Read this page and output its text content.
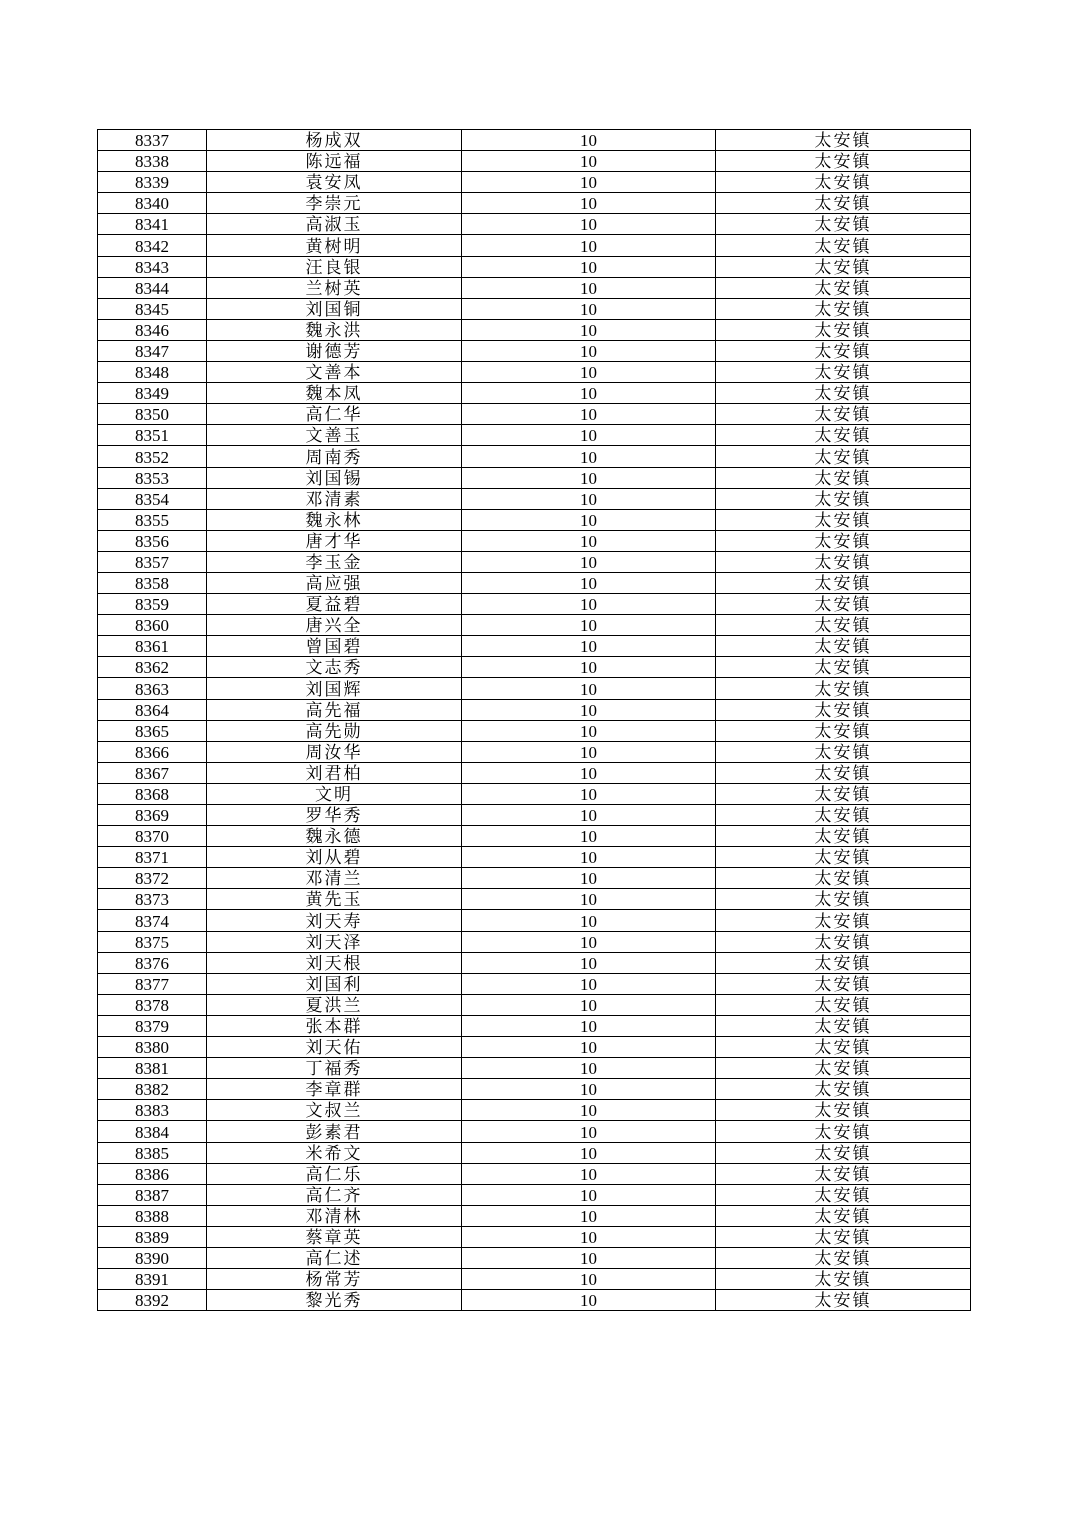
8337	杨成双	10	太安镇
8338	陈远福	10	太安镇
8339	袁安凤	10	太安镇
8340	李崇元	10	太安镇
8341	高淑玉	10	太安镇
8342	黄树明	10	太安镇
8343	汪良银	10	太安镇
8344	兰树英	10	太安镇
8345	刘国铜	10	太安镇
8346	魏永洪	10	太安镇
8347	谢德芳	10	太安镇
8348	文善本	10	太安镇
8349	魏本凤	10	太安镇
8350	高仁华	10	太安镇
8351	文善玉	10	太安镇
8352	周南秀	10	太安镇
8353	刘国锡	10	太安镇
8354	邓清素	10	太安镇
8355	魏永林	10	太安镇
8356	唐才华	10	太安镇
8357	李玉金	10	太安镇
8358	高应强	10	太安镇
8359	夏益碧	10	太安镇
8360	唐兴全	10	太安镇
8361	曾国碧	10	太安镇
8362	文志秀	10	太安镇
8363	刘国辉	10	太安镇
8364	高先福	10	太安镇
8365	高先勋	10	太安镇
8366	周汝华	10	太安镇
8367	刘君柏	10	太安镇
8368	文明	10	太安镇
8369	罗华秀	10	太安镇
8370	魏永德	10	太安镇
8371	刘从碧	10	太安镇
8372	邓清兰	10	太安镇
8373	黄先玉	10	太安镇
8374	刘天寿	10	太安镇
8375	刘天泽	10	太安镇
8376	刘天根	10	太安镇
8377	刘国利	10	太安镇
8378	夏洪兰	10	太安镇
8379	张本群	10	太安镇
8380	刘天佑	10	太安镇
8381	丁福秀	10	太安镇
8382	李章群	10	太安镇
8383	文叔兰	10	太安镇
8384	彭素君	10	太安镇
8385	米希文	10	太安镇
8386	高仁乐	10	太安镇
8387	高仁齐	10	太安镇
8388	邓清林	10	太安镇
8389	蔡章英	10	太安镇
8390	高仁述	10	太安镇
8391	杨常芳	10	太安镇
8392	黎光秀	10	太安镇
